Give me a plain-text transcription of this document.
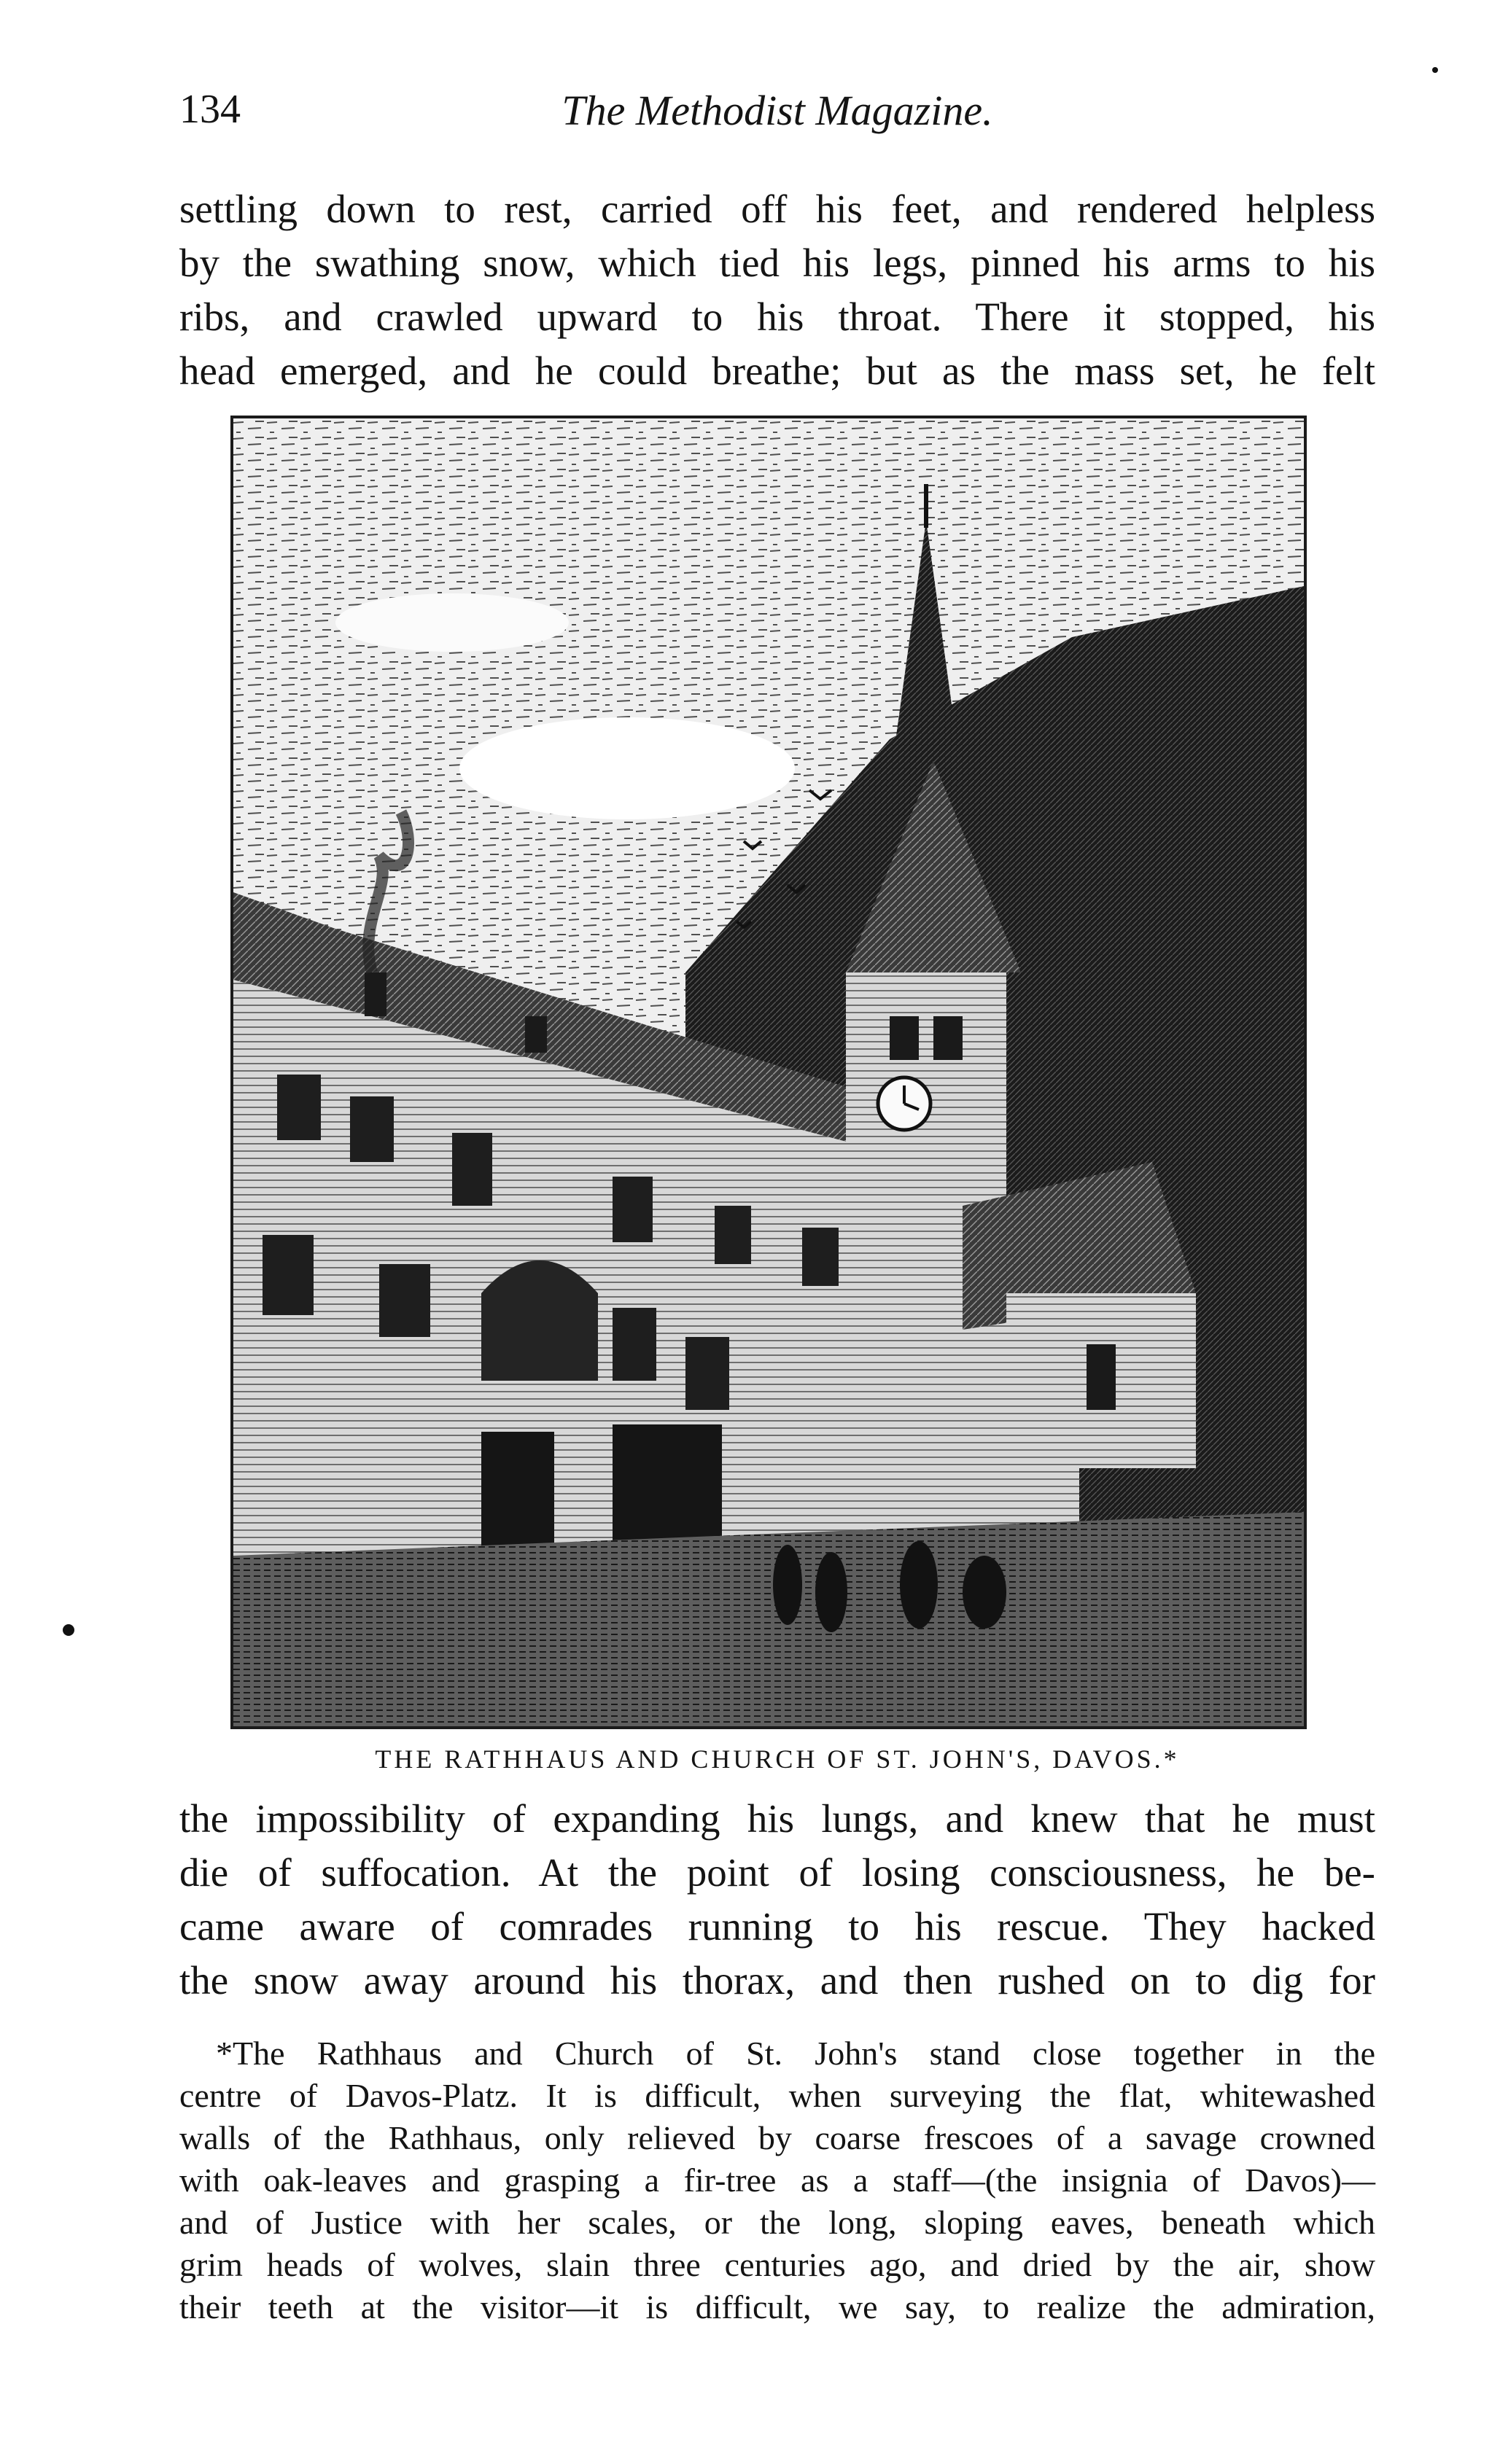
134	The Methodist Magazine.
settling down to rest, carried off his feet, and rendered helpless
by the swathing snow, which tied his legs, pinned his arms to his
ribs, and crawled upward to his throat. There it stopped, his
head emerged, and he could breathe; but as the mass set, he felt
THE RATHHAUS AND CHURCH OF ST. JOHN'S, DAVOS.*
the impossibility of expanding his lungs, and knew that he must
die of suffocation. At the point of losing consciousness, he be-
came aware of comrades running to his rescue. They hacked
the snow away around his thorax, and then rushed on to dig for
*The Rathhaus and Church of St. John's stand close together in the
centre of Davos-Platz. It is difficult, when surveying the flat, whitewashed
walls of the Rathhaus, only relieved by coarse frescoes of a savage crowned
with oak-leaves and grasping a fir-tree as a staff—(the insignia of Davos)—
and of Justice with her scales, or the long, sloping eaves, beneath which
grim heads of wolves, slain three centuries ago, and dried by the air, show
their teeth at the visitor—it is difficult, we say, to realize the admiration,
